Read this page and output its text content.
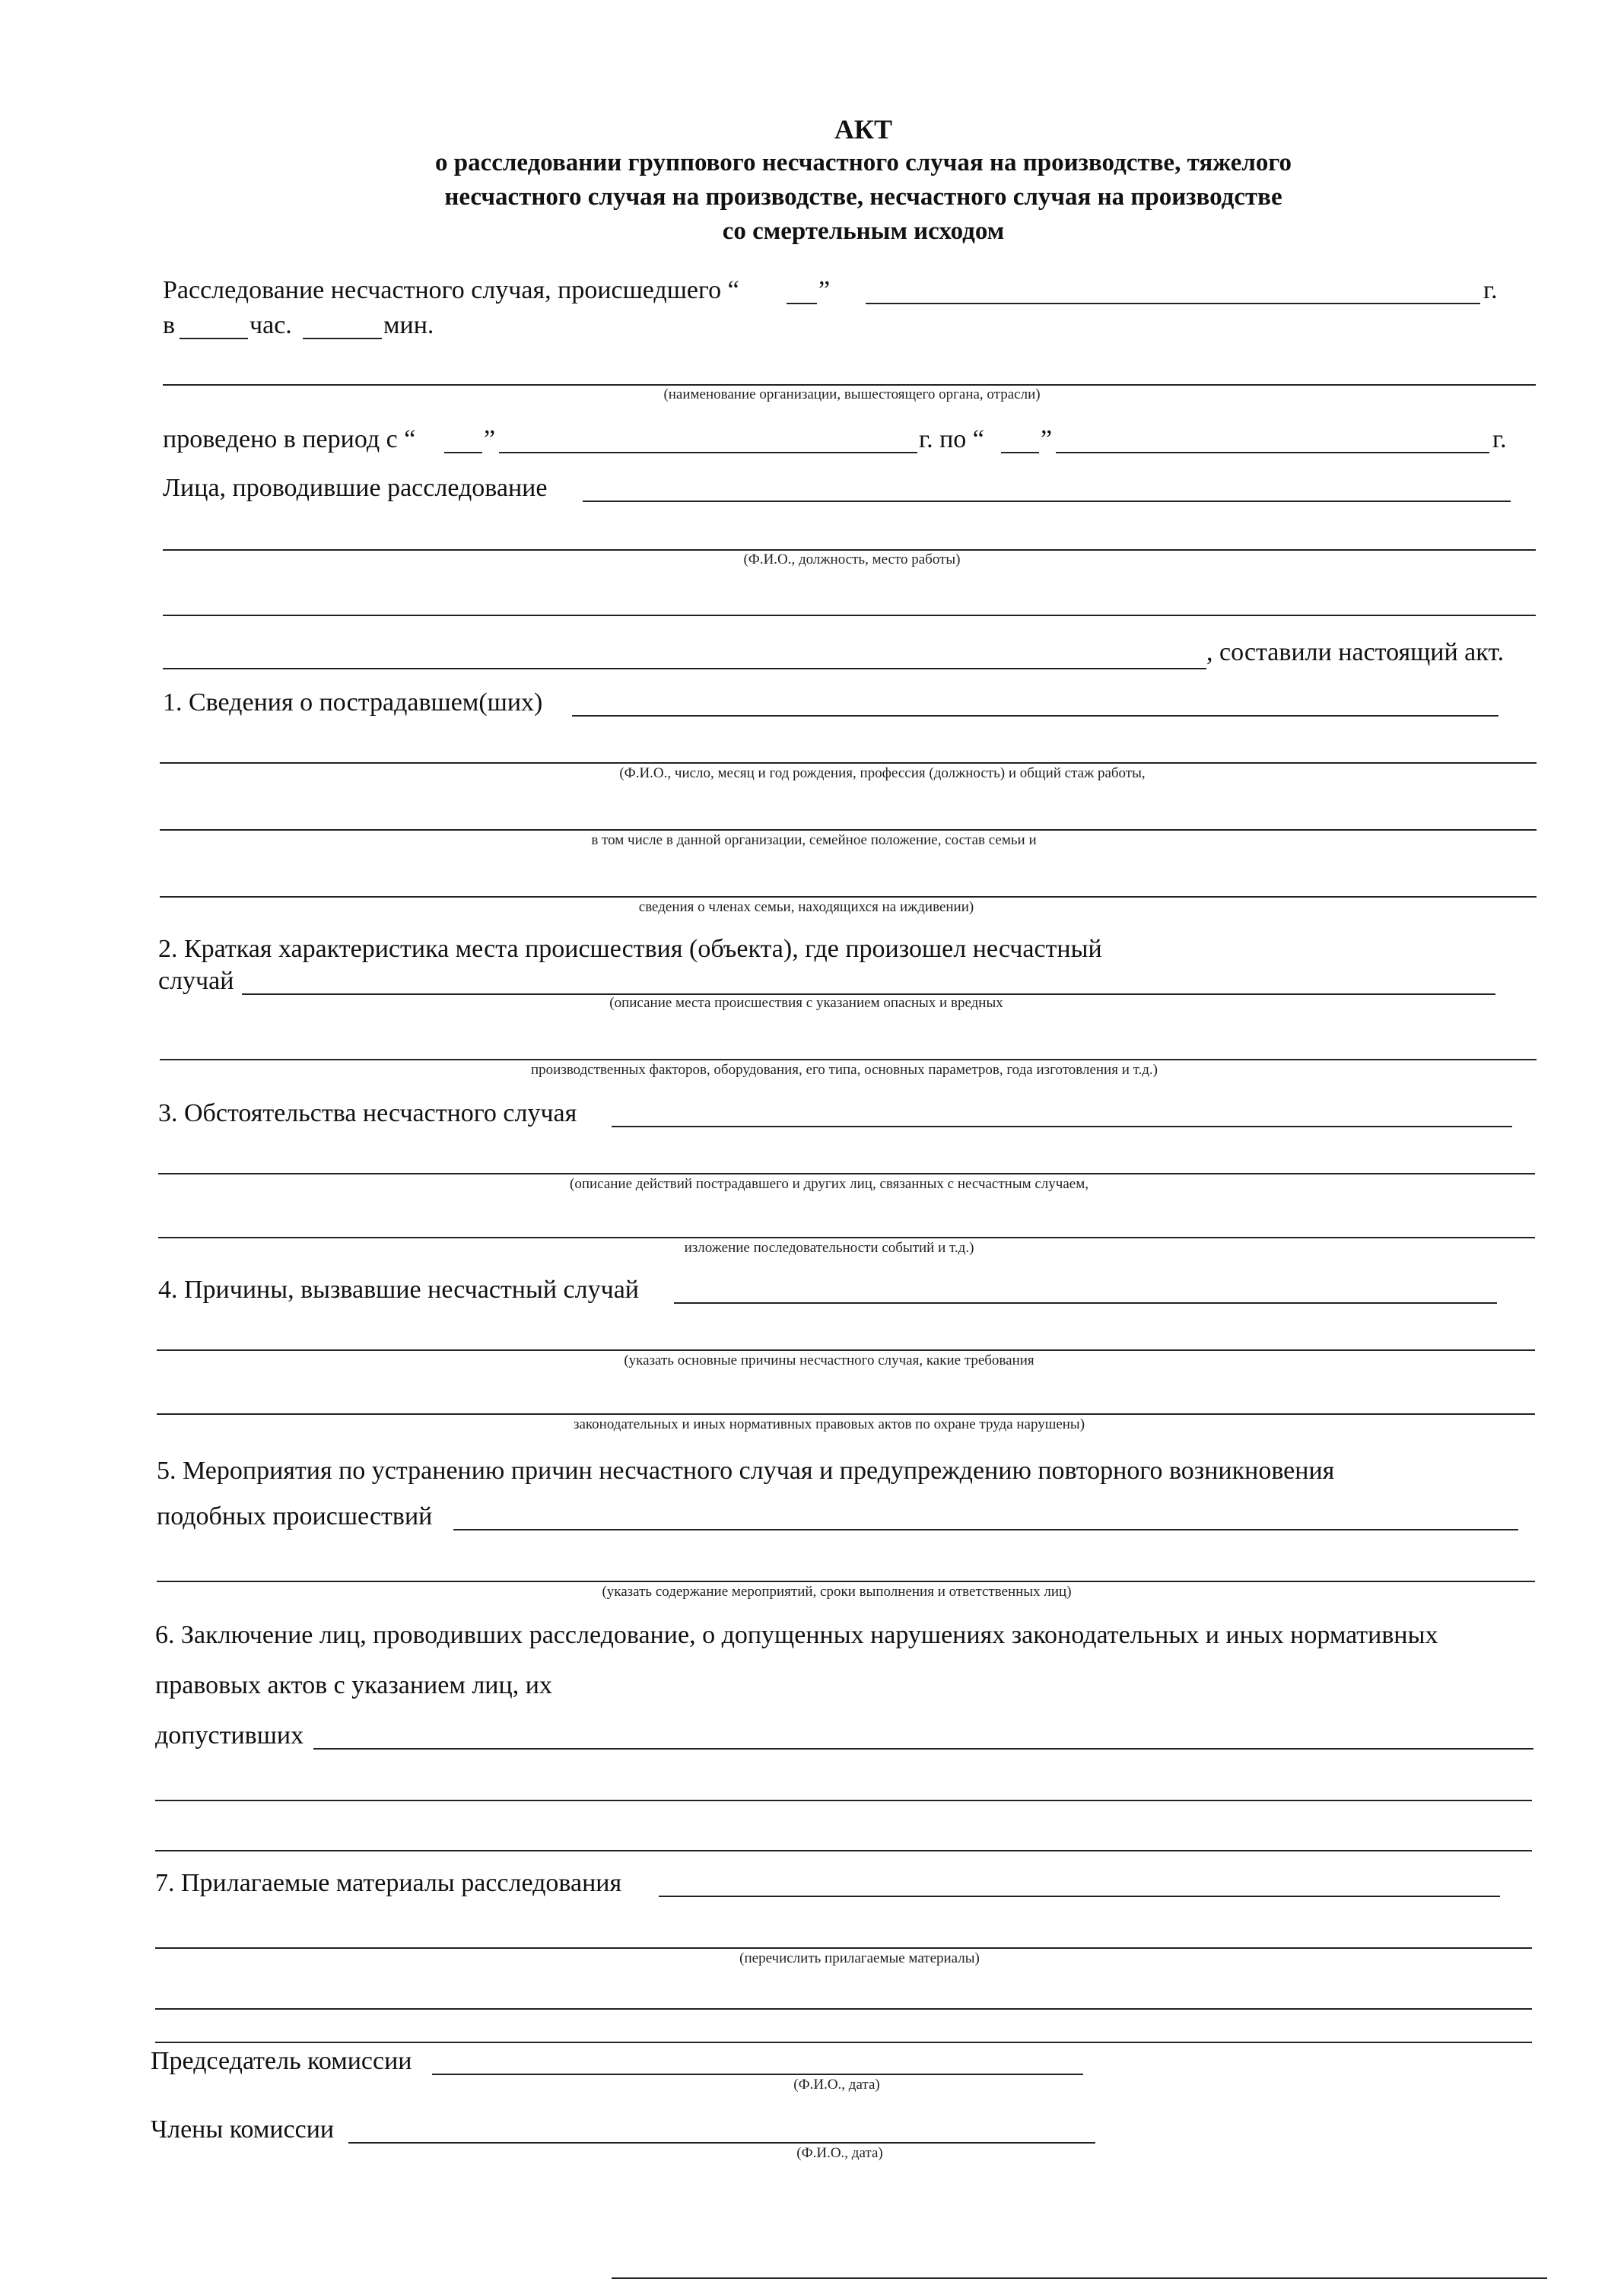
АКТ
о расследовании группового несчастного случая на производстве, тяжелого
несчастного случая на производстве, несчастного случая на производстве
со смертельным исходом
Расследование несчастного случая, происшедшего “	”	г.
в	час.	мин.
(наименование организации, вышестоящего органа, отрасли)
проведено в период с “	”	г. по “ ”	г.
Лица, проводившие расследование
(Ф.И.О., должность, место работы)
, составили настоящий акт.
1. Сведения о пострадавшем(ших)
(Ф.И.О., число, месяц и год рождения, профессия (должность) и общий стаж работы,
в том числе в данной организации, семейное положение, состав семьи и
сведения о членах семьи, находящихся на иждивении)
2. Краткая характеристика места происшествия (объекта), где произошел несчастный
случай
(описание места происшествия с указанием опасных и вредных
производственных факторов, оборудования, его типа, основных параметров, года изготовления и т.д.)
3. Обстоятельства несчастного случая
(описание действий пострадавшего и других лиц, связанных с несчастным случаем,
изложение последовательности событий и т.д.)
4. Причины, вызвавшие несчастный случай
(указать основные причины несчастного случая, какие требования
законодательных и иных нормативных правовых актов по охране труда нарушены)
5. Мероприятия по устранению причин несчастного случая и предупреждению повторного возникновения
подобных происшествий
(указать содержание мероприятий, сроки выполнения и ответственных лиц)
6. Заключение лиц, проводивших расследование, о допущенных нарушениях законодательных и иных нормативных
правовых актов с указанием лиц, их
допустивших
7. Прилагаемые материалы расследования
(перечислить прилагаемые материалы)
Председатель комиссии
(Ф.И.О., дата)
Члены комиссии
(Ф.И.О., дата)
